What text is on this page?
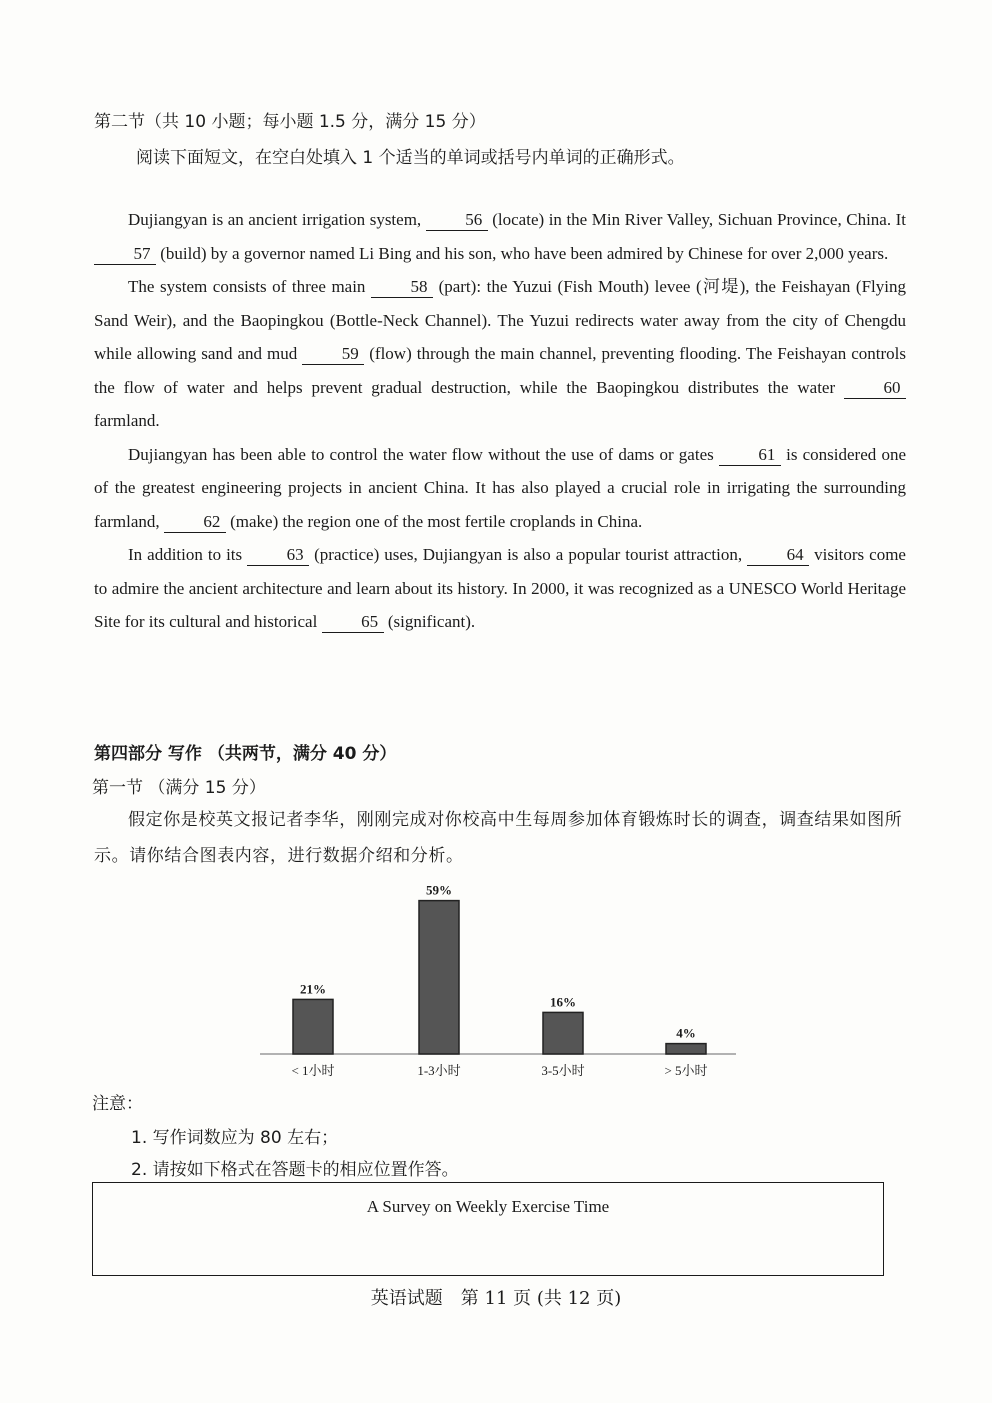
第二节（共 10 小题；每小题 1.5 分，满分 15 分）
阅读下面短文，在空白处填入 1 个适当的单词或括号内单词的正确形式。

Dujiangyan is an ancient irrigation system, 56 (locate) in the Min River Valley, Sichuan Province, China. It 57 (build) by a governor named Li Bing and his son, who have been admired by Chinese for over 2,000 years.

The system consists of three main 58 (part): the Yuzui (Fish Mouth) levee (河堤), the Feishayan (Flying Sand Weir), and the Baopingkou (Bottle-Neck Channel). The Yuzui redirects water away from the city of Chengdu while allowing sand and mud 59 (flow) through the main channel, preventing flooding. The Feishayan controls the flow of water and helps prevent gradual destruction, while the Baopingkou distributes the water 60 farmland.

Dujiangyan has been able to control the water flow without the use of dams or gates 61 is considered one of the greatest engineering projects in ancient China. It has also played a crucial role in irrigating the surrounding farmland, 62 (make) the region one of the most fertile croplands in China.

In addition to its 63 (practice) uses, Dujiangyan is also a popular tourist attraction, 64 visitors come to admire the ancient architecture and learn about its history. In 2000, it was recognized as a UNESCO World Heritage Site for its cultural and historical 65 (significant).

第四部分 写作 （共两节，满分 40 分）
第一节 （满分 15 分）

假定你是校英文报记者李华，刚刚完成对你校高中生每周参加体育锻炼时长的调查，调查结果如图所示。请你结合图表内容，进行数据介绍和分析。

21%
< 1小时
59%
1-3小时
16%
3-5小时
4%
> 5小时
注意：
1. 写作词数应为 80 左右；
2. 请按如下格式在答题卡的相应位置作答。
A Survey on Weekly Exercise Time
英语试题　第 11 页 (共 12 页)
